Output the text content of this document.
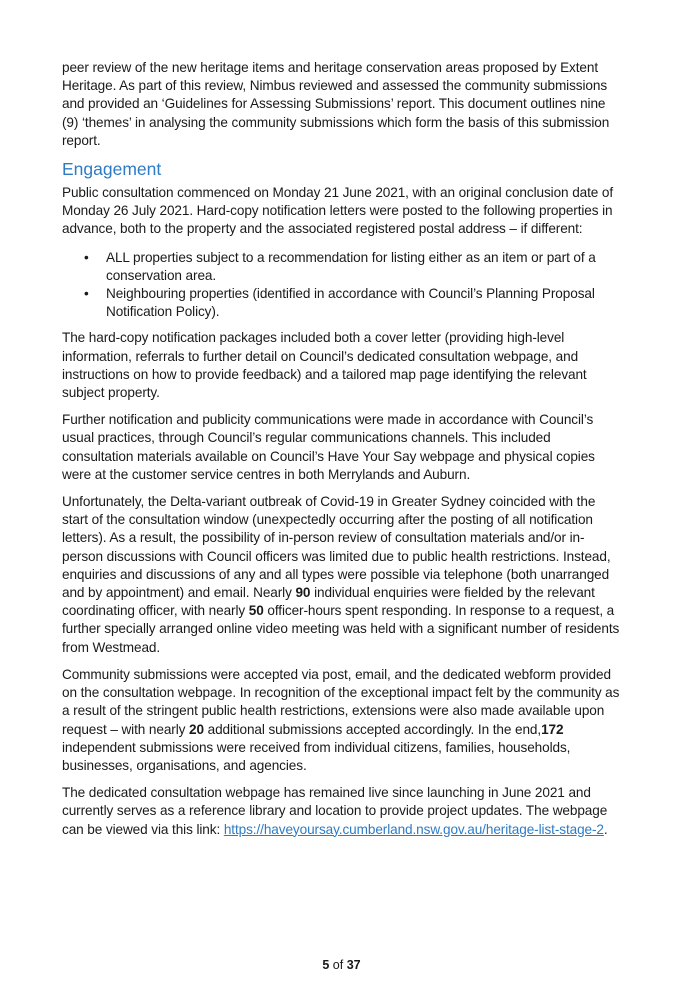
peer review of the new heritage items and heritage conservation areas proposed by Extent Heritage. As part of this review, Nimbus reviewed and assessed the community submissions and provided an ‘Guidelines for Assessing Submissions’ report. This document outlines nine (9) ‘themes’ in analysing the community submissions which form the basis of this submission report.

Engagement

Public consultation commenced on Monday 21 June 2021, with an original conclusion date of Monday 26 July 2021. Hard-copy notification letters were posted to the following properties in advance, both to the property and the associated registered postal address – if different:

• ALL properties subject to a recommendation for listing either as an item or part of a conservation area.
• Neighbouring properties (identified in accordance with Council’s Planning Proposal Notification Policy).

The hard-copy notification packages included both a cover letter (providing high-level information, referrals to further detail on Council’s dedicated consultation webpage, and instructions on how to provide feedback) and a tailored map page identifying the relevant subject property.

Further notification and publicity communications were made in accordance with Council’s usual practices, through Council’s regular communications channels. This included consultation materials available on Council’s Have Your Say webpage and physical copies were at the customer service centres in both Merrylands and Auburn.

Unfortunately, the Delta-variant outbreak of Covid-19 in Greater Sydney coincided with the start of the consultation window (unexpectedly occurring after the posting of all notification letters). As a result, the possibility of in-person review of consultation materials and/or in-person discussions with Council officers was limited due to public health restrictions. Instead, enquiries and discussions of any and all types were possible via telephone (both unarranged and by appointment) and email. Nearly 90 individual enquiries were fielded by the relevant coordinating officer, with nearly 50 officer-hours spent responding. In response to a request, a further specially arranged online video meeting was held with a significant number of residents from Westmead.

Community submissions were accepted via post, email, and the dedicated webform provided on the consultation webpage. In recognition of the exceptional impact felt by the community as a result of the stringent public health restrictions, extensions were also made available upon request – with nearly 20 additional submissions accepted accordingly. In the end,172 independent submissions were received from individual citizens, families, households, businesses, organisations, and agencies.

The dedicated consultation webpage has remained live since launching in June 2021 and currently serves as a reference library and location to provide project updates. The webpage can be viewed via this link: https://haveyoursay.cumberland.nsw.gov.au/heritage-list-stage-2.

5 of 37
